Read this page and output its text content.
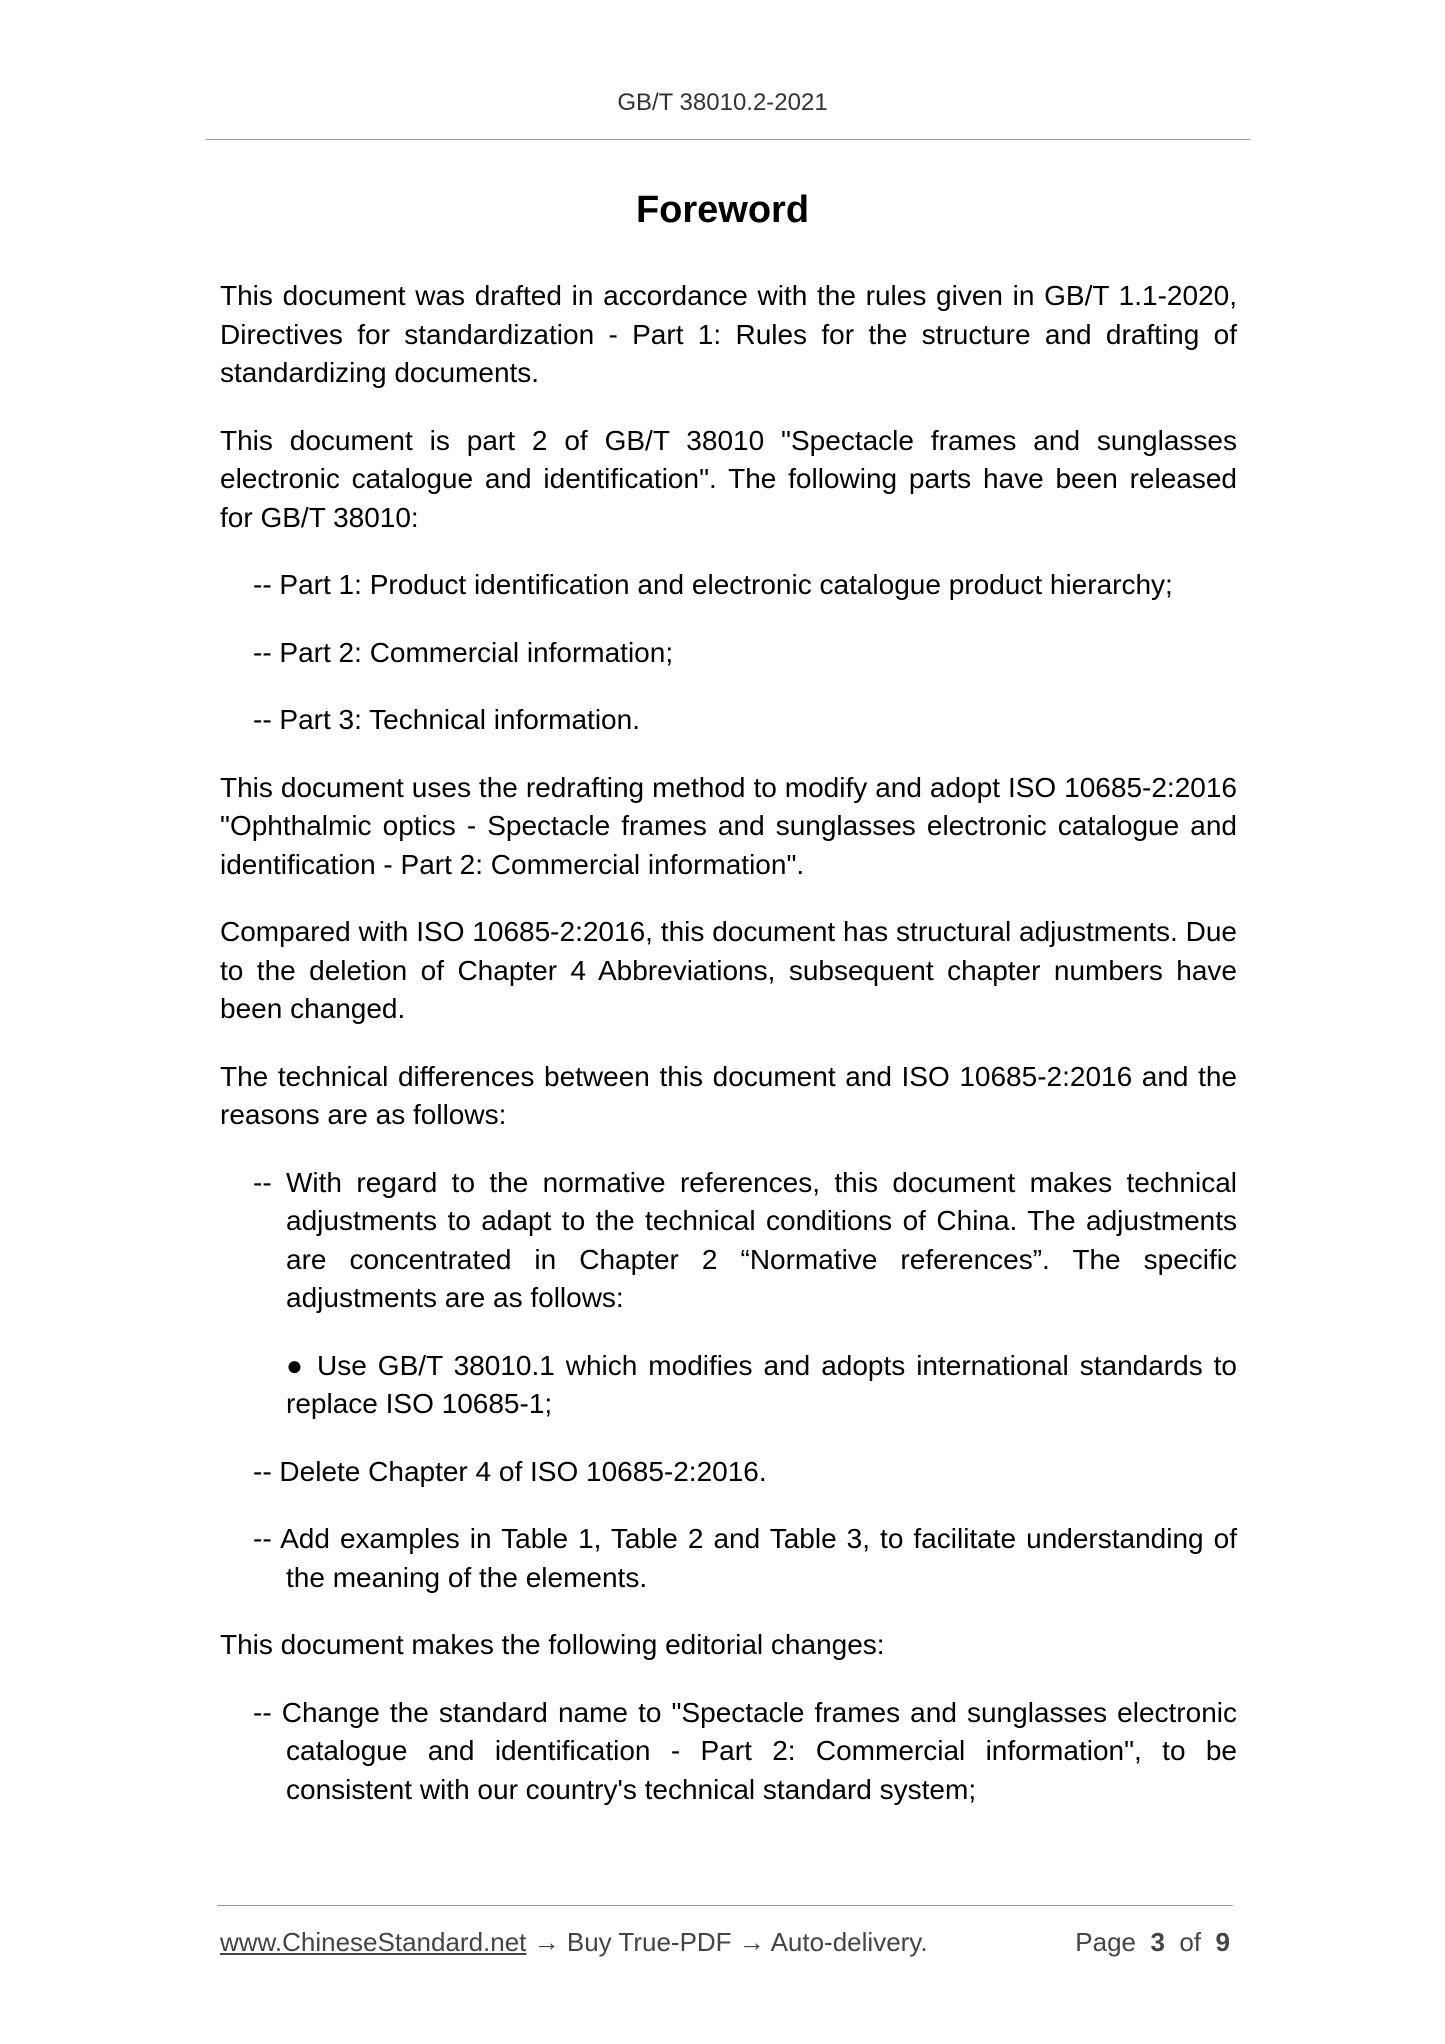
GB/T 38010.2-2021
Foreword

This document was drafted in accordance with the rules given in GB/T 1.1-2020, Directives for standardization - Part 1: Rules for the structure and drafting of standardizing documents.

This document is part 2 of GB/T 38010 "Spectacle frames and sunglasses electronic catalogue and identification". The following parts have been released for GB/T 38010:

-- Part 1: Product identification and electronic catalogue product hierarchy;

-- Part 2: Commercial information;

-- Part 3: Technical information.

This document uses the redrafting method to modify and adopt ISO 10685-2:2016 "Ophthalmic optics - Spectacle frames and sunglasses electronic catalogue and identification - Part 2: Commercial information".

Compared with ISO 10685-2:2016, this document has structural adjustments. Due to the deletion of Chapter 4 Abbreviations, subsequent chapter numbers have been changed.

The technical differences between this document and ISO 10685-2:2016 and the reasons are as follows:

-- With regard to the normative references, this document makes technical adjustments to adapt to the technical conditions of China. The adjustments are concentrated in Chapter 2 “Normative references”. The specific adjustments are as follows:

● Use GB/T 38010.1 which modifies and adopts international standards to replace ISO 10685-1;

-- Delete Chapter 4 of ISO 10685-2:2016.

-- Add examples in Table 1, Table 2 and Table 3, to facilitate understanding of the meaning of the elements.

This document makes the following editorial changes:

-- Change the standard name to "Spectacle frames and sunglasses electronic catalogue and identification - Part 2: Commercial information", to be consistent with our country's technical standard system;

www.ChineseStandard.net → Buy True-PDF → Auto-delivery.	Page 3 of 9
